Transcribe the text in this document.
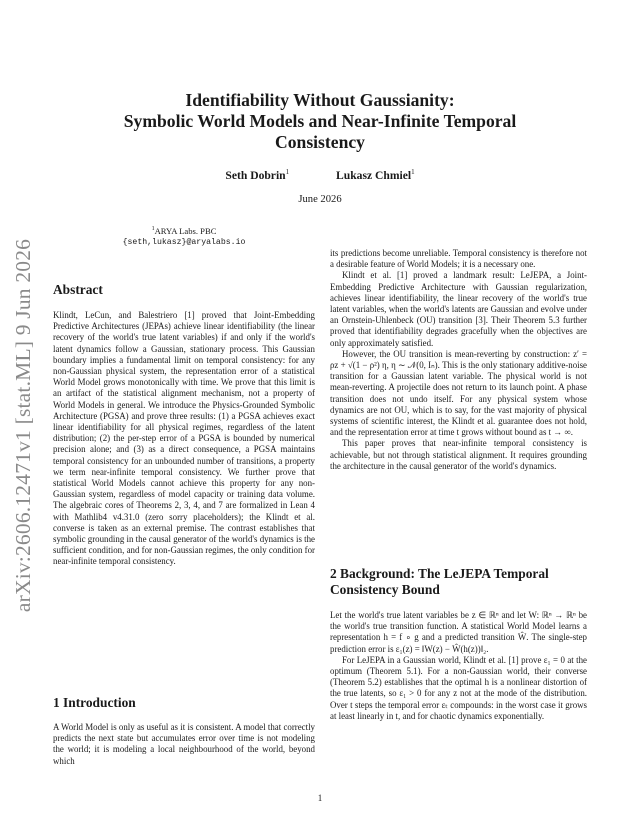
arXiv:2606.12471v1 [stat.ML] 9 Jun 2026
Identifiability Without Gaussianity:
Symbolic World Models and Near-Infinite Temporal
Consistency
Seth Dobrin$^1$	Lukasz Chmiel$^1$
June 2026
$^1$ARYA Labs. PBC
{seth,lukasz}@aryalabs.io
Abstract

Klindt, LeCun, and Balestriero [1] proved that Joint-Embedding Predictive Architectures (JEPAs) achieve linear identifiability (the linear recovery of the world's true latent variables) if and only if the world's latent dynamics follow a Gaussian, stationary process. This Gaussian boundary implies a fundamental limit on temporal consistency: for any non-Gaussian physical system, the representation error of a statistical World Model grows monotonically with time. We prove that this limit is an artifact of the statistical alignment mechanism, not a property of World Models in general. We introduce the Physics-Grounded Symbolic Architecture (PGSA) and prove three results: (1) a PGSA achieves exact linear identifiability for all physical regimes, regardless of the latent distribution; (2) the per-step error of a PGSA is bounded by numerical precision alone; and (3) as a direct consequence, a PGSA maintains temporal consistency for an unbounded number of transitions, a property we term near-infinite temporal consistency. We further prove that statistical World Models cannot achieve this property for any non-Gaussian system, regardless of model capacity or training data volume. The algebraic cores of Theorems 2, 3, 4, and 7 are formalized in Lean 4 with Mathlib4 v4.31.0 (zero sorry placeholders); the Klindt et al. converse is taken as an external premise. The contrast establishes that symbolic grounding in the causal generator of the world's dynamics is the sufficient condition, and for non-Gaussian regimes, the only condition for near-infinite temporal consistency.

1 Introduction

A World Model is only as useful as it is consistent. A model that correctly predicts the next state but accumulates error over time is not modeling the world; it is modeling a local neighbourhood of the world, beyond which

its predictions become unreliable. Temporal consistency is therefore not a desirable feature of World Models; it is a necessary one.

Klindt et al. [1] proved a landmark result: LeJEPA, a Joint-Embedding Predictive Architecture with Gaussian regularization, achieves linear identifiability, the linear recovery of the world's true latent variables, when the world's latents are Gaussian and evolve under an Ornstein-Uhlenbeck (OU) transition [3]. Their Theorem 5.3 further proved that identifiability degrades gracefully when the objectives are only approximately satisfied.

However, the OU transition is mean-reverting by construction: z′ = ρz + √(1 − ρ²) η, η ∼ 𝒩(0, Iₙ). This is the only stationary additive-noise transition for a Gaussian latent variable. The physical world is not mean-reverting. A projectile does not return to its launch point. A phase transition does not undo itself. For any physical system whose dynamics are not OU, which is to say, for the vast majority of physical systems of scientific interest, the Klindt et al. guarantee does not hold, and the representation error at time t grows without bound as t → ∞.

This paper proves that near-infinite temporal consistency is achievable, but not through statistical alignment. It requires grounding the architecture in the causal generator of the world's dynamics.

2 Background: The LeJEPA Temporal Consistency Bound

Let the world's true latent variables be z ∈ ℝⁿ and let W: ℝⁿ → ℝⁿ be the world's true transition function. A statistical World Model learns a representation h = f ∘ g and a predicted transition Ŵ. The single-step prediction error is ε₁(z) = ‖W(z) − Ŵ(h(z))‖₂.

For LeJEPA in a Gaussian world, Klindt et al. [1] prove ε₁ = 0 at the optimum (Theorem 5.1). For a non-Gaussian world, their converse (Theorem 5.2) establishes that the optimal h is a nonlinear distortion of the true latents, so ε₁ > 0 for any z not at the mode of the distribution. Over t steps the temporal error εₜ compounds: in the worst case it grows at least linearly in t, and for chaotic dynamics exponentially.

1
